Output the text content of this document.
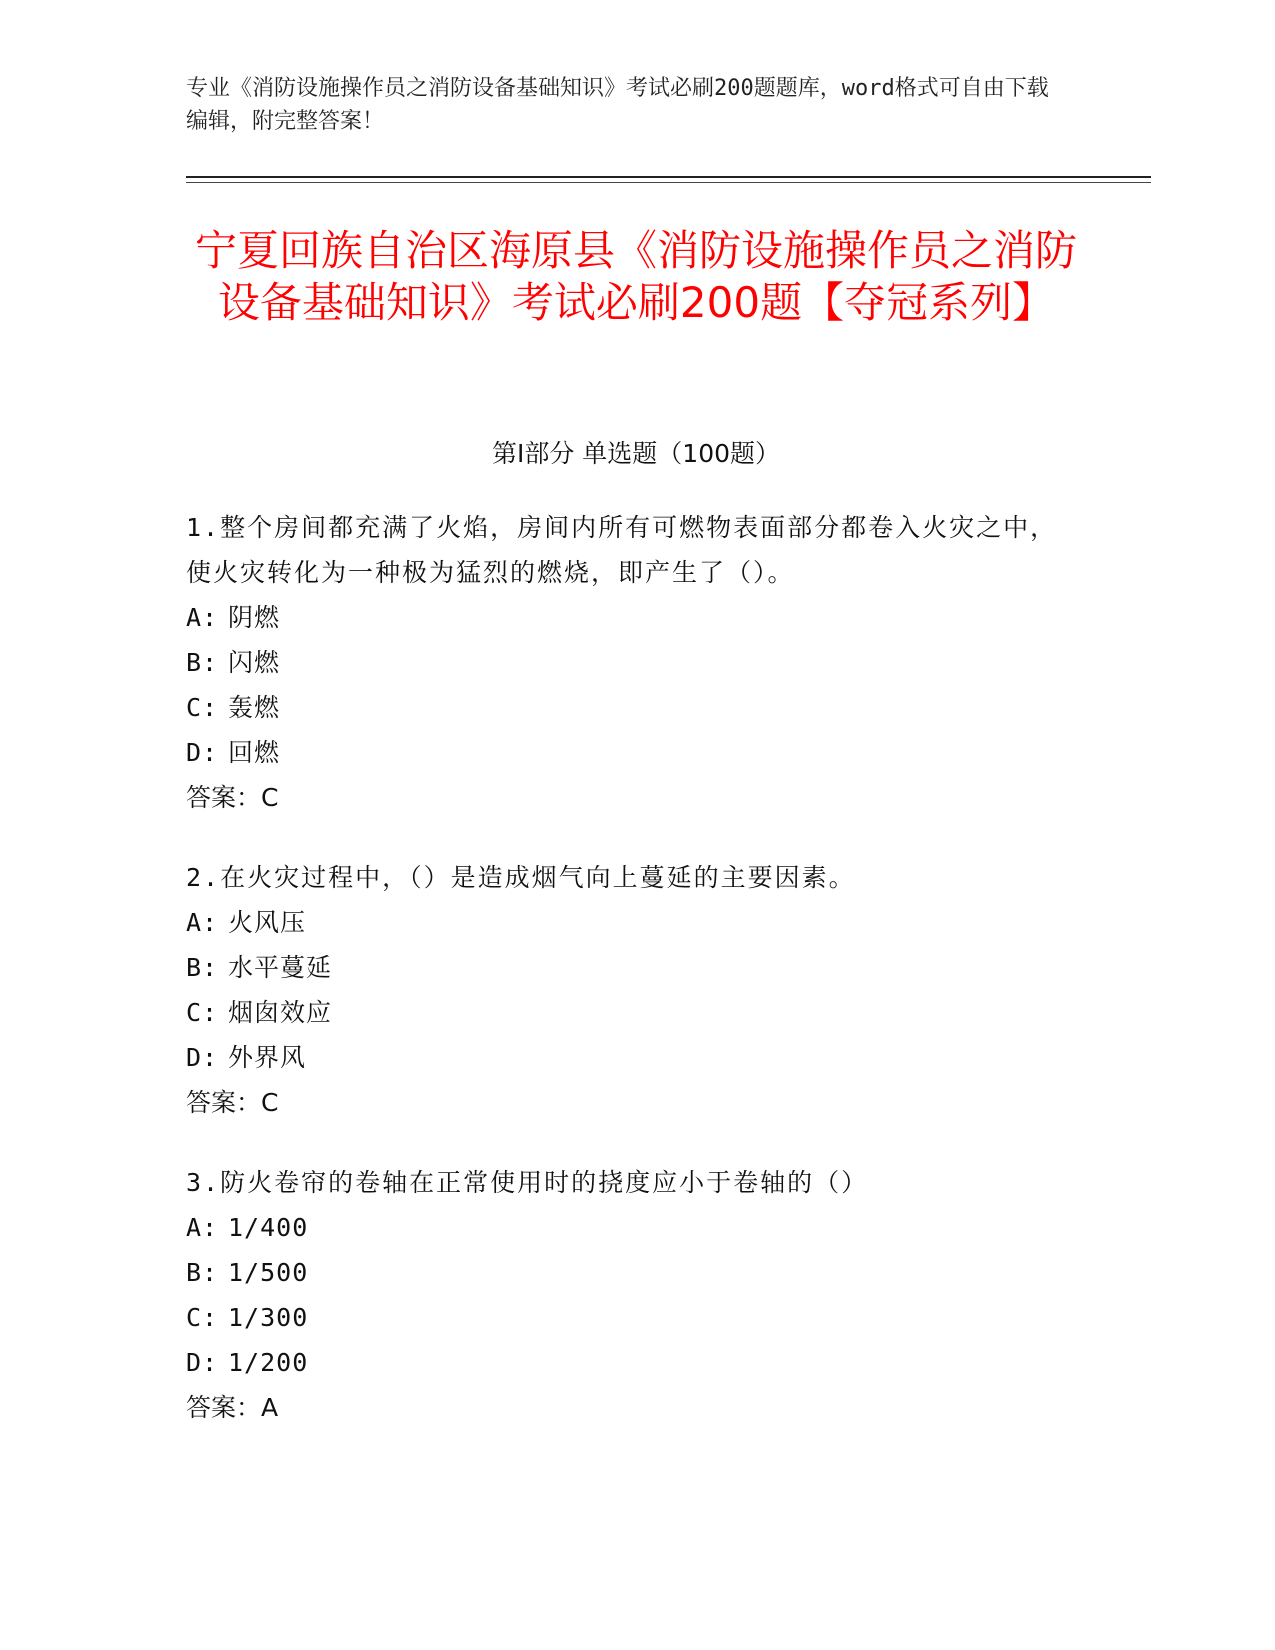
专业《消防设施操作员之消防设备基础知识》考试必刷200题题库，word格式可自由下载编辑，附完整答案！
宁夏回族自治区海原县《消防设施操作员之消防设备基础知识》考试必刷200题【夺冠系列】
第I部分 单选题（100题）
1.整个房间都充满了火焰，房间内所有可燃物表面部分都卷入火灾之中，使火灾转化为一种极为猛烈的燃烧，即产生了（）。
A: 阴燃
B: 闪燃
C: 轰燃
D: 回燃
答案：C
2.在火灾过程中，（）是造成烟气向上蔓延的主要因素。
A: 火风压
B: 水平蔓延
C: 烟囱效应
D: 外界风
答案：C
3.防火卷帘的卷轴在正常使用时的挠度应小于卷轴的（）
A: 1/400
B: 1/500
C: 1/300
D: 1/200
答案：A
